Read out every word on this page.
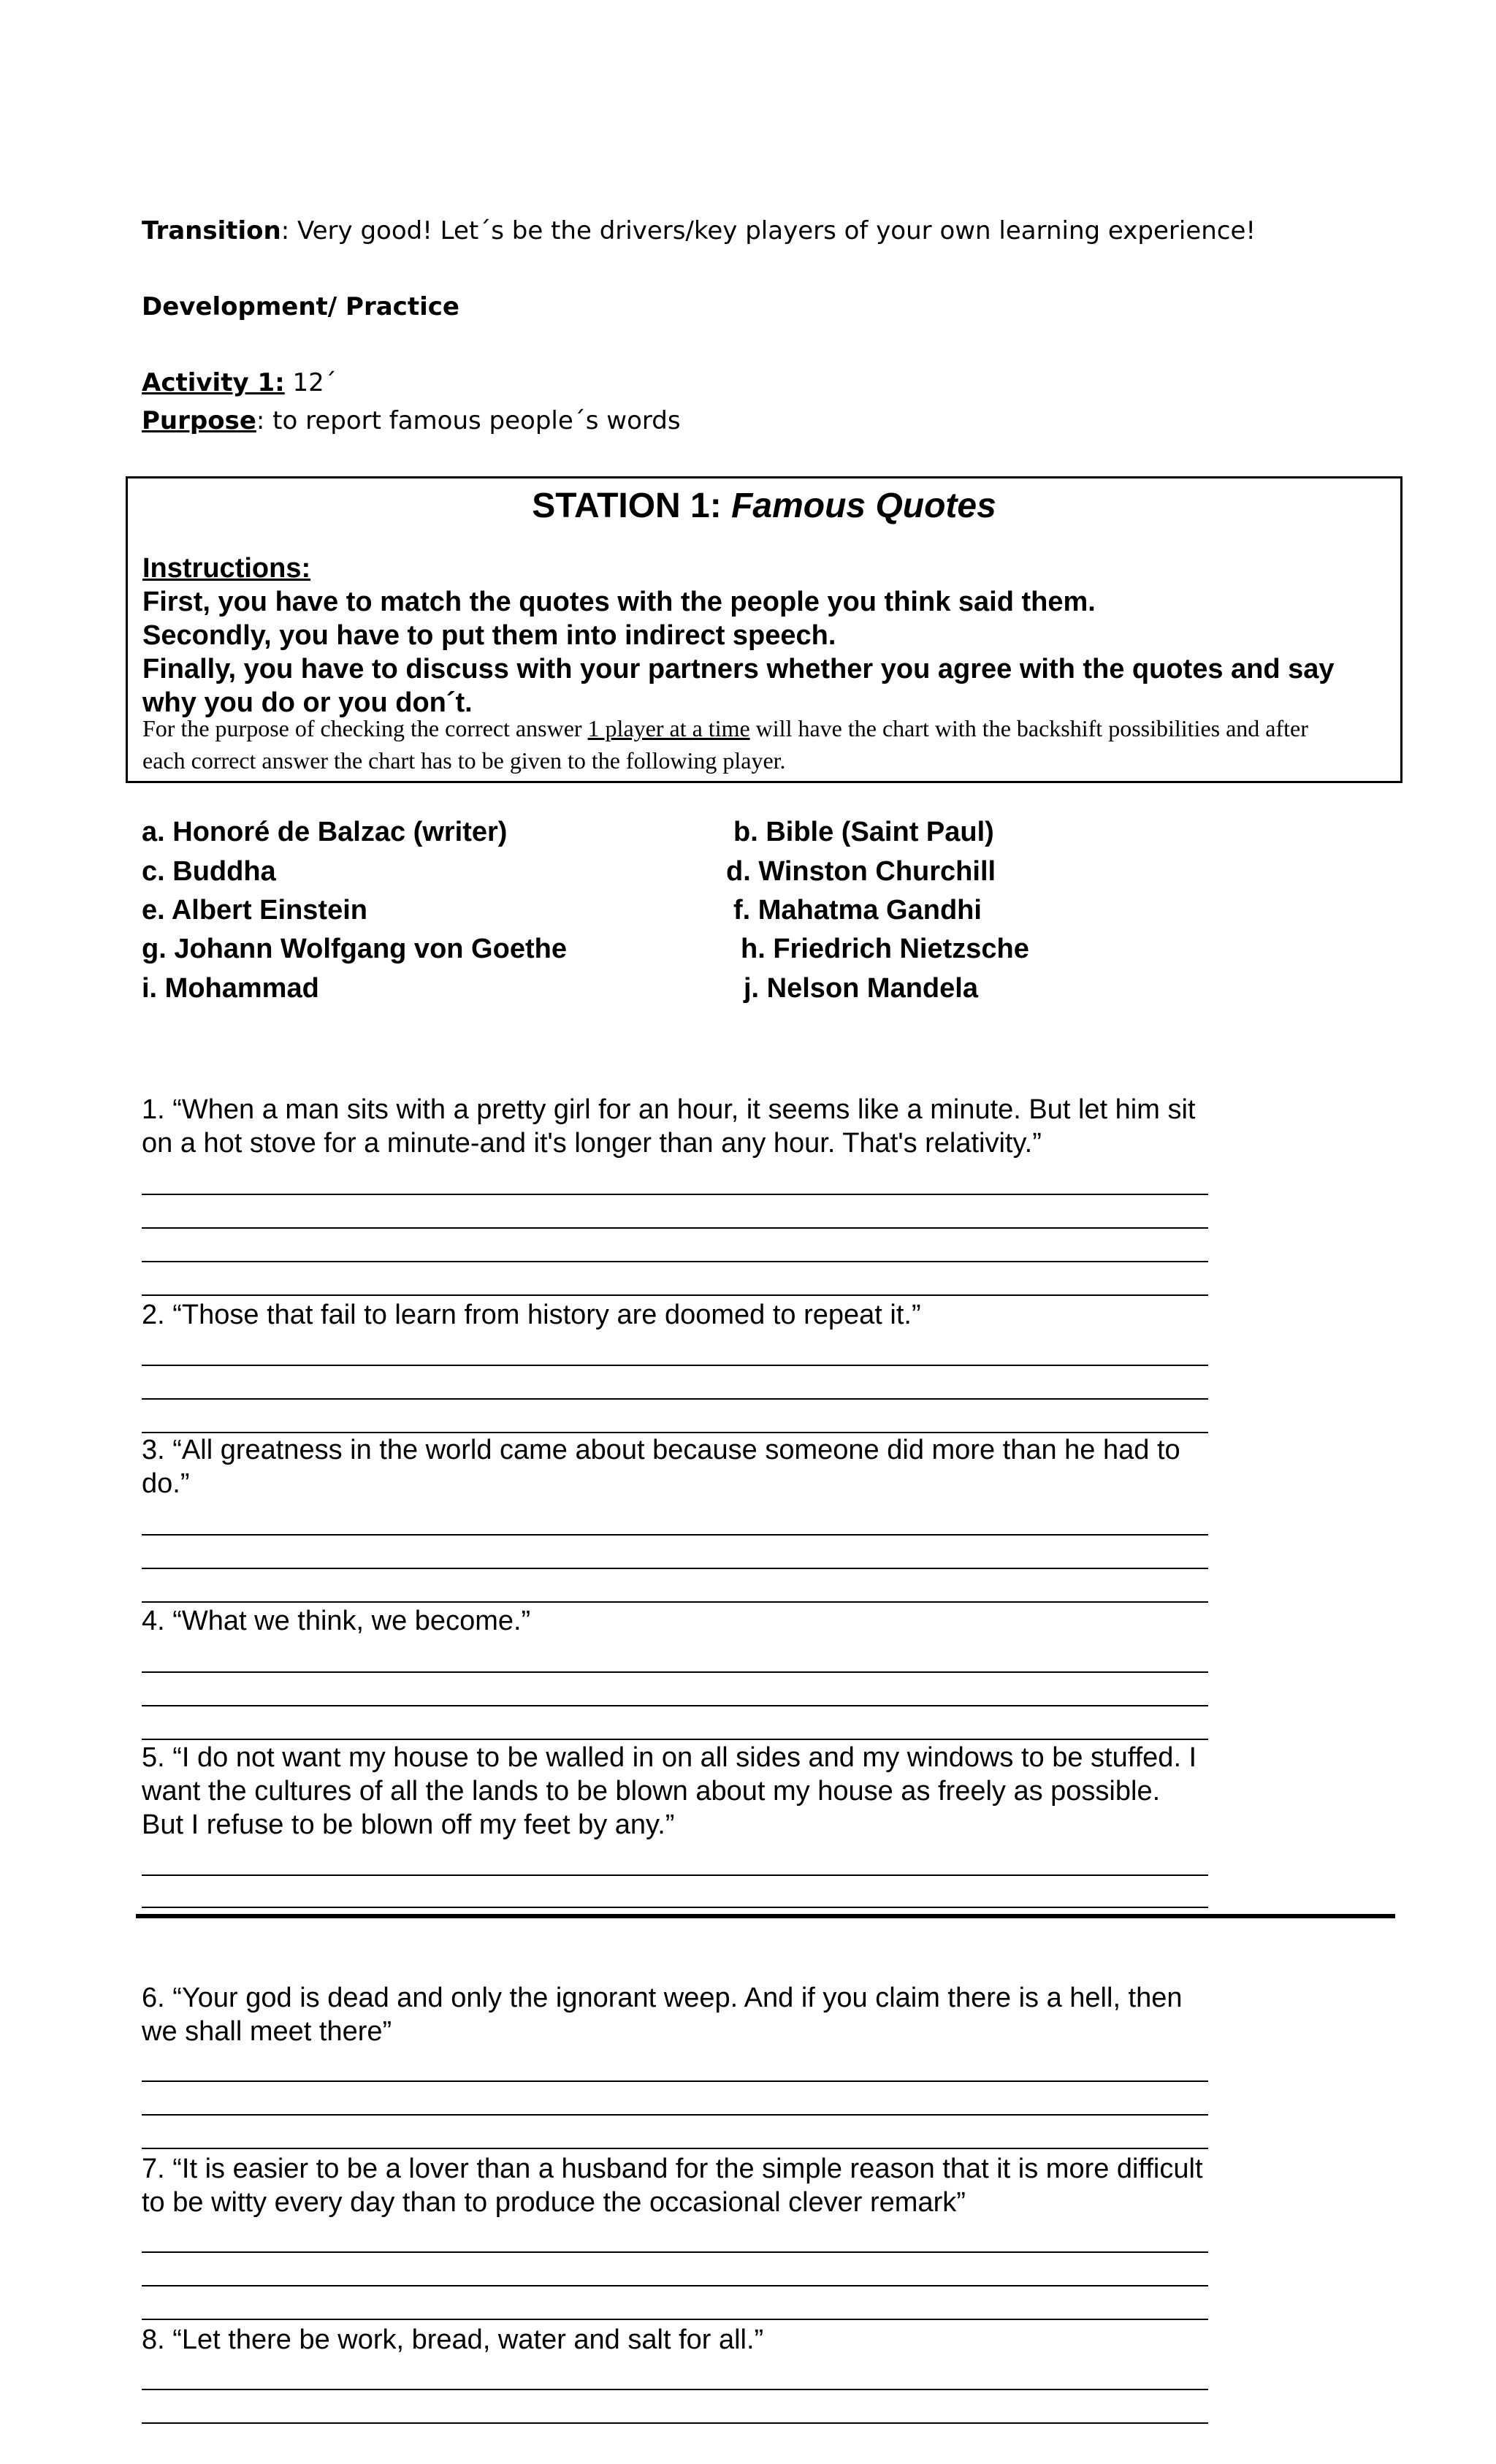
Transition: Very good! Let´s be the drivers/key players of your own learning experience!
Development/ Practice
Activity 1: 12´
Purpose: to report famous people´s words
STATION 1: Famous Quotes
Instructions:

First, you have to match the quotes with the people you think said them.

Secondly, you have to put them into indirect speech.

Finally, you have to discuss with your partners whether you agree with the quotes and say why you do or you don´t.

For the purpose of checking the correct answer 1 player at a time will have the chart with the backshift possibilities and after each correct answer the chart has to be given to the following player.
a. Honoré de Balzac (writer)	b. Bible (Saint Paul)
c. Buddha	d. Winston Churchill
e. Albert Einstein	f. Mahatma Gandhi
g. Johann Wolfgang von Goethe	h. Friedrich Nietzsche
i. Mohammad	j. Nelson Mandela
1. “When a man sits with a pretty girl for an hour, it seems like a minute. But let him sit on a hot stove for a minute-and it's longer than any hour. That's relativity.”
2. “Those that fail to learn from history are doomed to repeat it.”
3. “All greatness in the world came about because someone did more than he had to do.”
4. “What we think, we become.”
5. “I do not want my house to be walled in on all sides and my windows to be stuffed. I want the cultures of all the lands to be blown about my house as freely as possible. But I refuse to be blown off my feet by any.”
6. “Your god is dead and only the ignorant weep. And if you claim there is a hell, then we shall meet there”
7. “It is easier to be a lover than a husband for the simple reason that it is more difficult to be witty every day than to produce the occasional clever remark”
8. “Let there be work, bread, water and salt for all.”
